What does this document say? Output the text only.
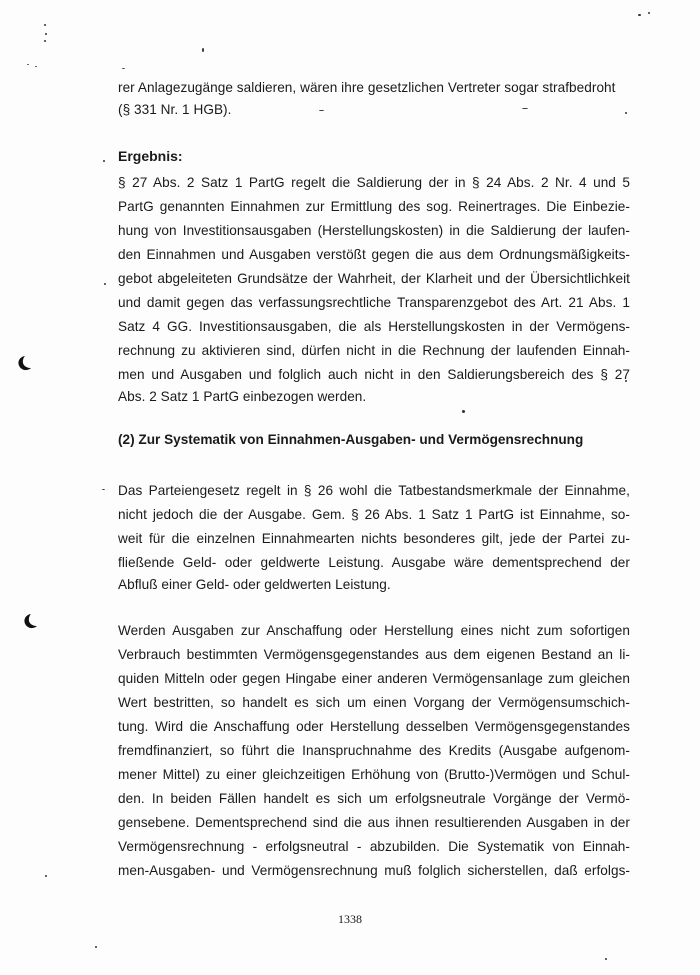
rer Anlagezugänge saldieren, wären ihre gesetzlichen Vertreter sogar strafbedroht
(§ 331 Nr. 1 HGB).
Ergebnis:
§ 27 Abs. 2 Satz 1 PartG regelt die Saldierung der in § 24 Abs. 2 Nr. 4 und 5
PartG genannten Einnahmen zur Ermittlung des sog. Reinertrages. Die Einbezie-
hung von Investitionsausgaben (Herstellungskosten) in die Saldierung der laufen-
den Einnahmen und Ausgaben verstößt gegen die aus dem Ordnungsmäßigkeits-
gebot abgeleiteten Grundsätze der Wahrheit, der Klarheit und der Übersichtlichkeit
und damit gegen das verfassungsrechtliche Transparenzgebot des Art. 21 Abs. 1
Satz 4 GG. Investitionsausgaben, die als Herstellungskosten in der Vermögens-
rechnung zu aktivieren sind, dürfen nicht in die Rechnung der laufenden Einnah-
men und Ausgaben und folglich auch nicht in den Saldierungsbereich des § 27
Abs. 2 Satz 1 PartG einbezogen werden.
(2) Zur Systematik von Einnahmen-Ausgaben- und Vermögensrechnung
Das Parteiengesetz regelt in § 26 wohl die Tatbestandsmerkmale der Einnahme,
nicht jedoch die der Ausgabe. Gem. § 26 Abs. 1 Satz 1 PartG ist Einnahme, so-
weit für die einzelnen Einnahmearten nichts besonderes gilt, jede der Partei zu-
fließende Geld- oder geldwerte Leistung. Ausgabe wäre dementsprechend der
Abfluß einer Geld- oder geldwerten Leistung.
Werden Ausgaben zur Anschaffung oder Herstellung eines nicht zum sofortigen
Verbrauch bestimmten Vermögensgegenstandes aus dem eigenen Bestand an li-
quiden Mitteln oder gegen Hingabe einer anderen Vermögensanlage zum gleichen
Wert bestritten, so handelt es sich um einen Vorgang der Vermögensumschich-
tung. Wird die Anschaffung oder Herstellung desselben Vermögensgegenstandes
fremdfinanziert, so führt die Inanspruchnahme des Kredits (Ausgabe aufgenom-
mener Mittel) zu einer gleichzeitigen Erhöhung von (Brutto-)Vermögen und Schul-
den. In beiden Fällen handelt es sich um erfolgsneutrale Vorgänge der Vermö-
gensebene. Dementsprechend sind die aus ihnen resultierenden Ausgaben in der
Vermögensrechnung - erfolgsneutral - abzubilden. Die Systematik von Einnah-
men-Ausgaben- und Vermögensrechnung muß folglich sicherstellen, daß erfolgs-
1338
